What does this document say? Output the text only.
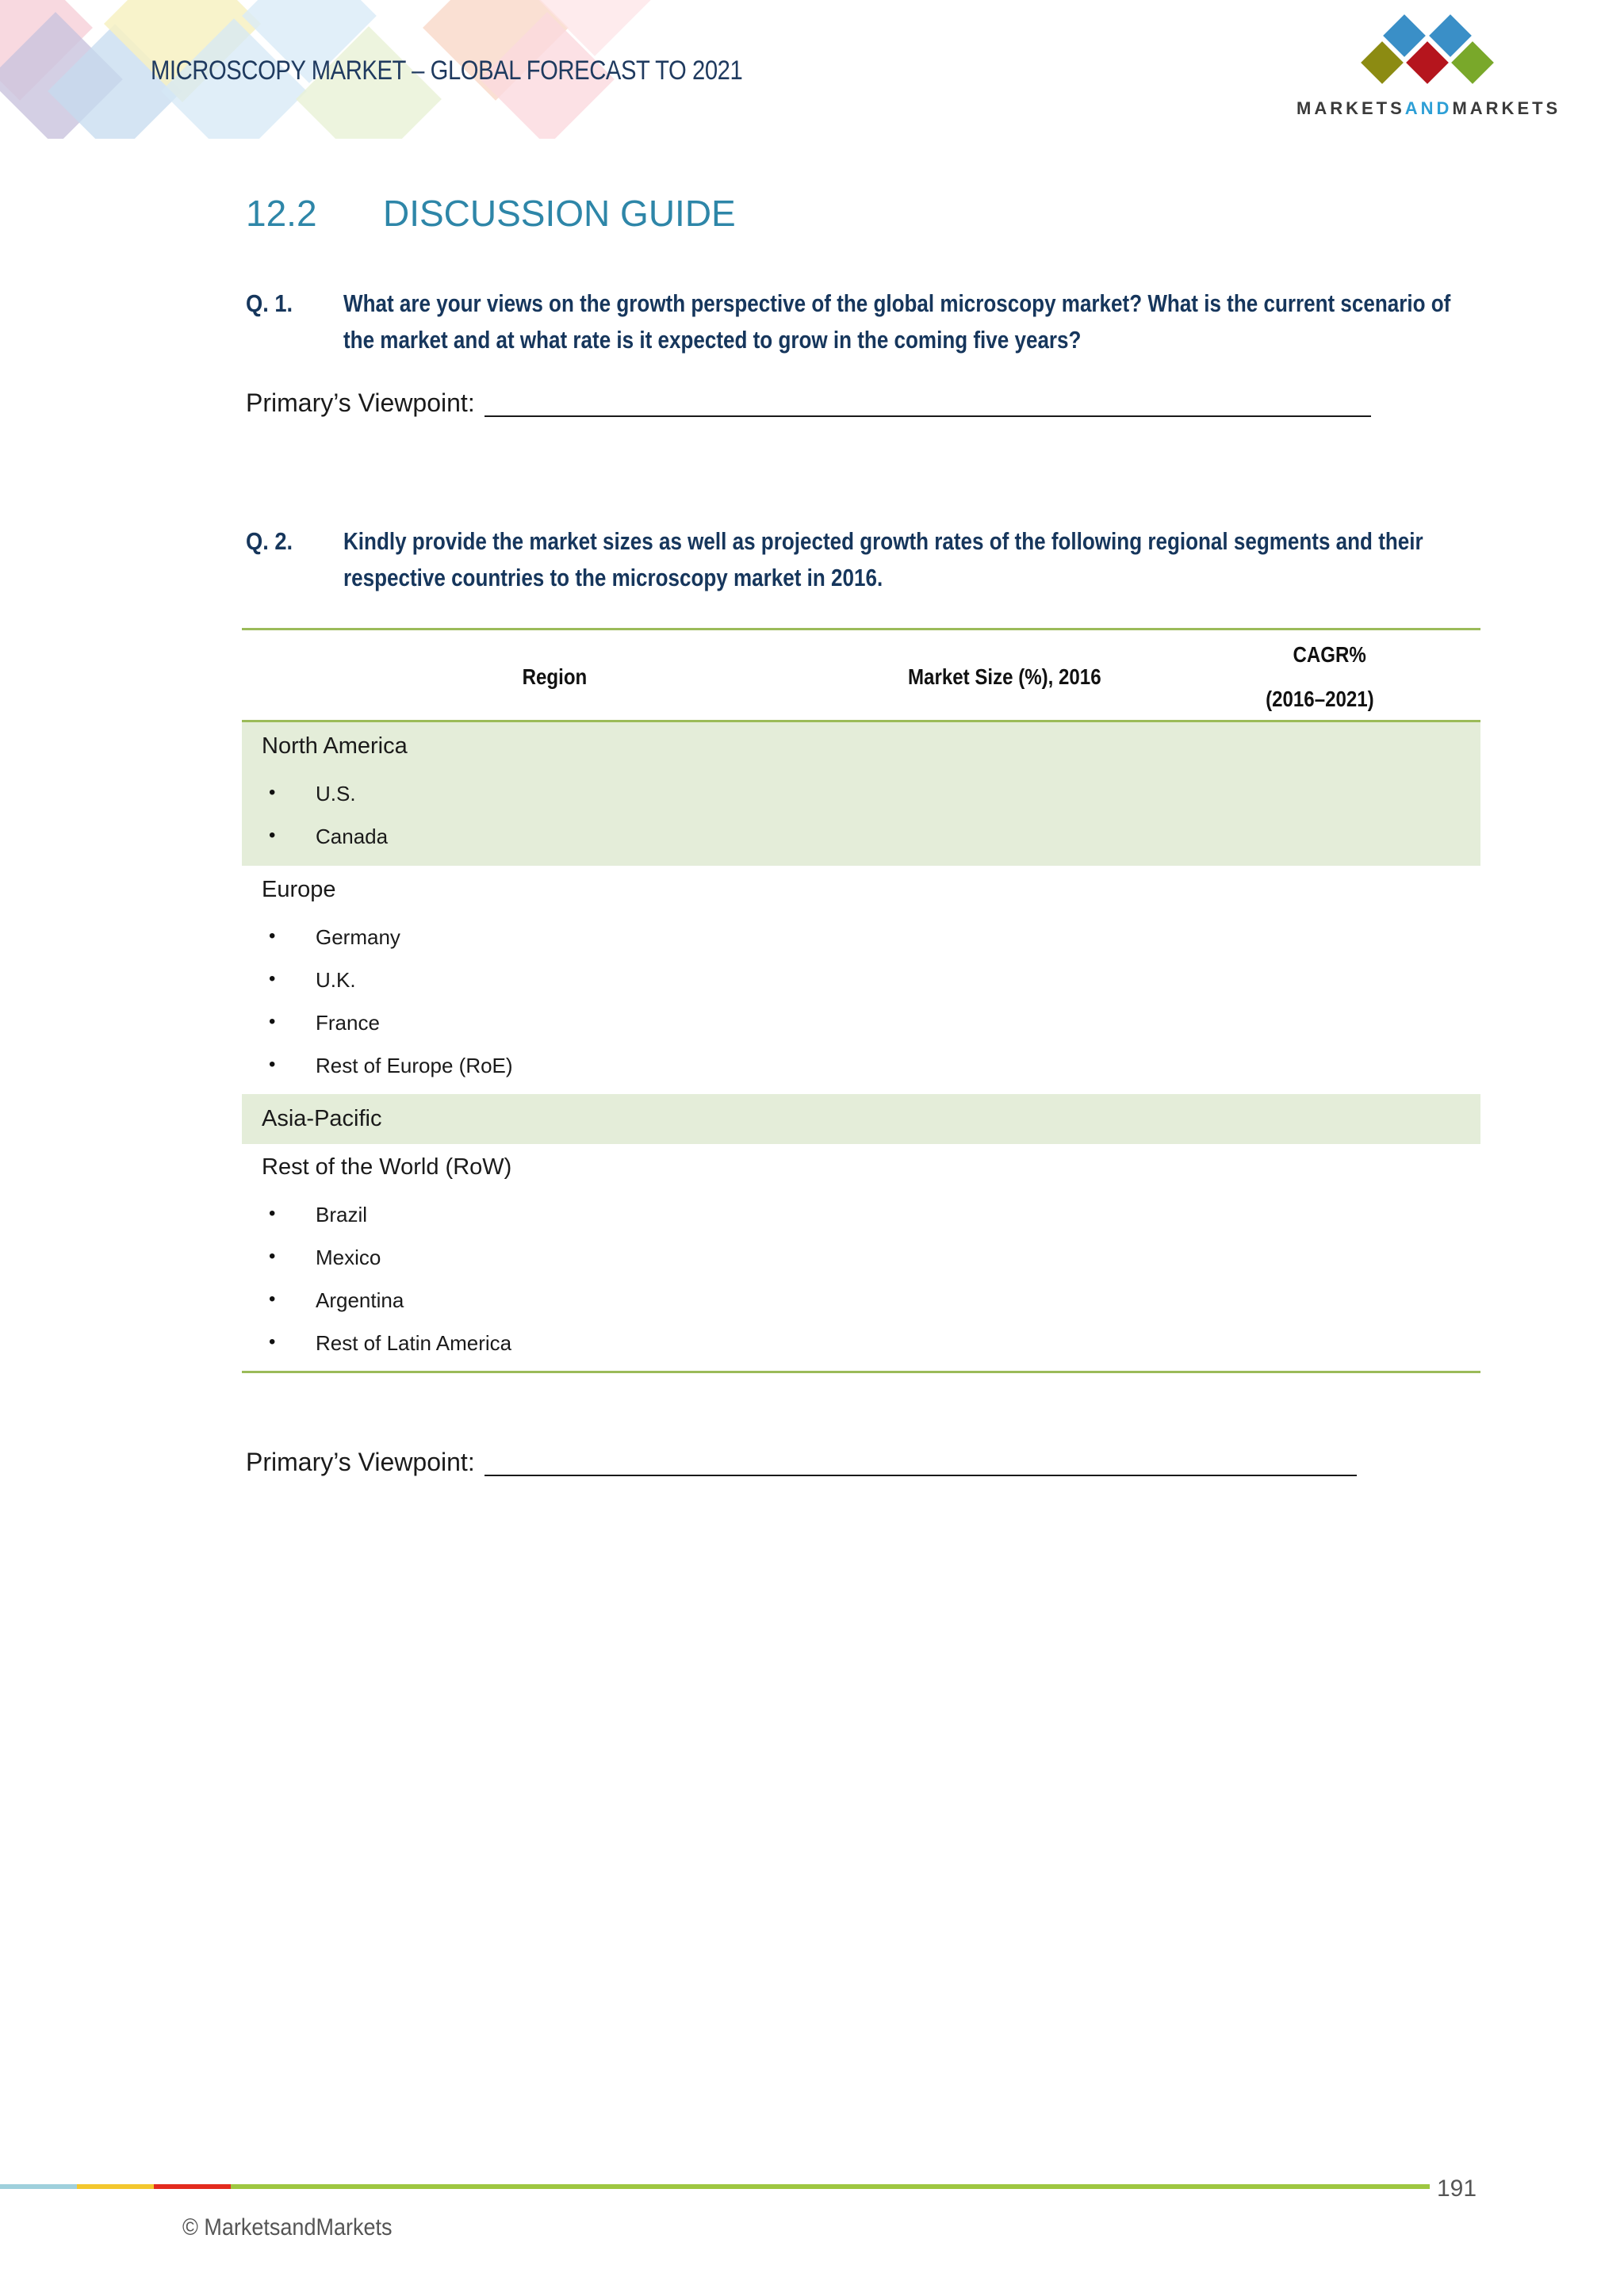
MICROSCOPY MARKET – GLOBAL FORECAST TO 2021
MARKETSANDMARKETS
12.2 DISCUSSION GUIDE
Q. 1. What are your views on the growth perspective of the global microscopy market? What is the current scenario of
the market and at what rate is it expected to grow in the coming five years?
Primary’s Viewpoint:
Q. 2. Kindly provide the market sizes as well as projected growth rates of the following regional segments and their
respective countries to the microscopy market in 2016.
Region	Market Size (%), 2016
CAGR%
(2016–2021)
North America
• U.S.
• Canada
Europe
• Germany
• U.K.
• France
• Rest of Europe (RoE)
Asia-Pacific
Rest of the World (RoW)
• Brazil
• Mexico
• Argentina
• Rest of Latin America
Primary’s Viewpoint:
191
© MarketsandMarkets
